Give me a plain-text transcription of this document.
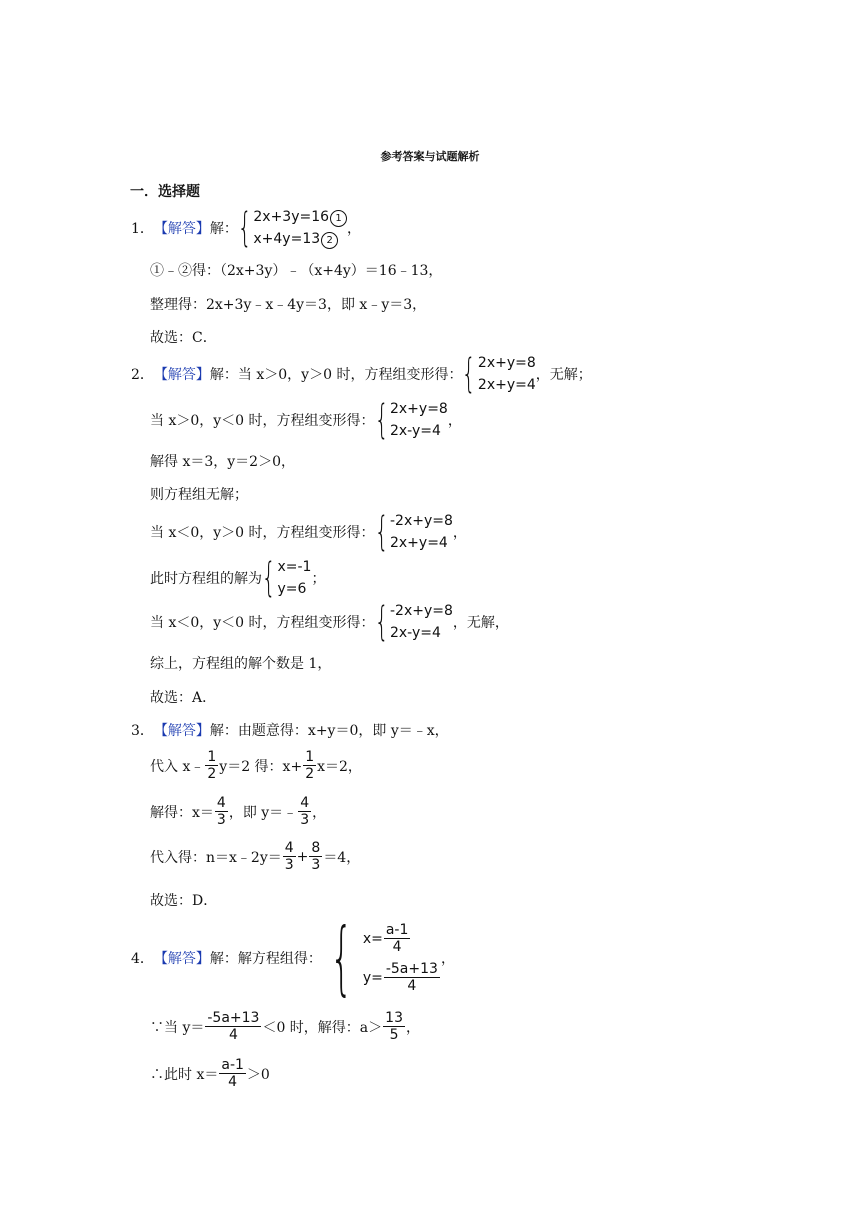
参考答案与试题解析
一．选择题
1． 【解答】 解： { 2x+3y=16 1
x+4y=13 2
，
①﹣②得：（2x+3y）﹣（x+4y）＝16﹣13，
整理得：2x+3y﹣x﹣4y＝3，即 x﹣y＝3，
故选：C．
2． 【解答】 解：当 x＞0，y＞0 时，方程组变形得： { 2x+y=8
2x+y=4
，无解；
当 x＞0，y＜0 时，方程组变形得： { 2x+y=8
2x-y=4
，
解得 x＝3，y＝2＞0，
则方程组无解；
当 x＜0，y＞0 时，方程组变形得： { -2x+y=8
2x+y=4
，
此时方程组的解为 { x=-1
y=6
；
当 x＜0，y＜0 时，方程组变形得： { -2x+y=8
2x-y=4
，无解，
综上，方程组的解个数是 1，
故选：A．
3． 【解答】 解：由题意得：x+y＝0，即 y＝﹣x，
代入 x﹣ $\frac{1}{2} y=2$ 得：$x+ \frac{1}{2} x=2$，
解得：$x= \frac{4}{3}$ ，即 y＝﹣ $\frac{4}{3}$ ，
代入得：n＝x﹣2y＝ $\frac{4}{3} + \frac{8}{3} =4$，
故选：D．
4． 【解答】 解：解方程组得： { $x= \frac{a-1}{4}$
$y= \frac{-5a+13}{4}$
，
∵当 $y= \frac{-5a+13}{4} <0$ 时，解得：$a> \frac{13}{5}$ ，
∴此时 $x= \frac{a-1}{4} >0$
